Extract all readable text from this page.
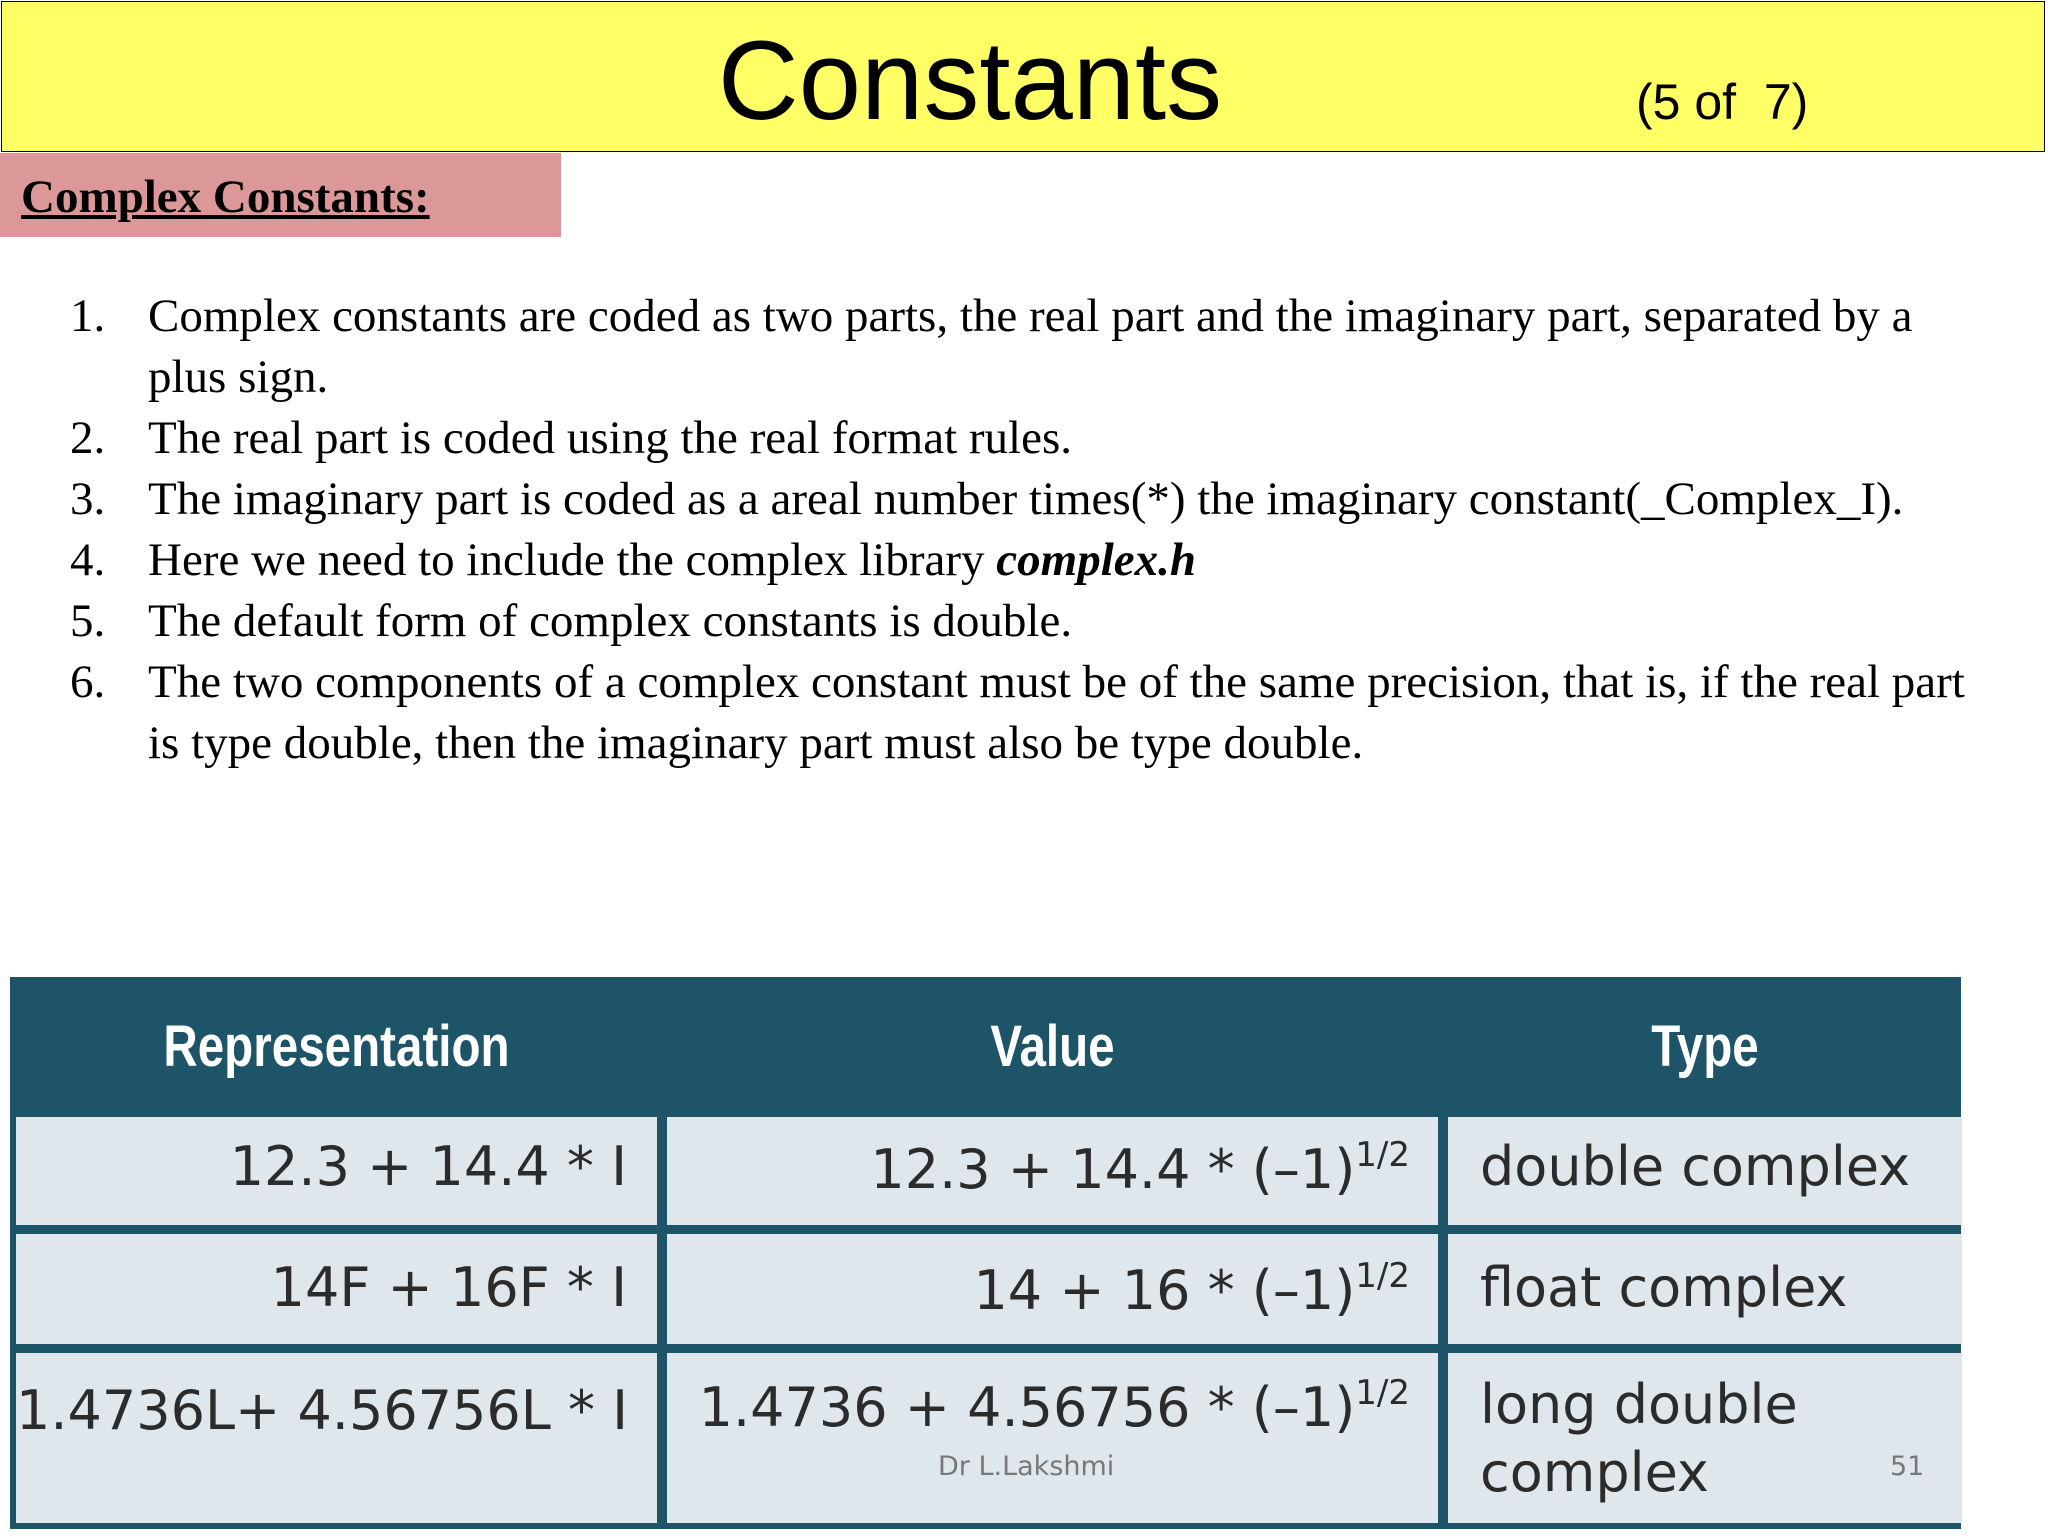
Constants	(5 of  7)
Complex Constants:
1. Complex constants are coded as two parts, the real part and the imaginary part, separated by a plus sign.
2. The real part is coded using the real format rules.
3. The imaginary part is coded as a areal number times(*) the imaginary constant(_Complex_I).
4. Here we need to include the complex library complex.h
5. The default form of complex constants is double.
6. The two components of a complex constant must be of the same precision, that is, if the real part is type double, then the imaginary part must also be type double.
Representation	Value	Type
12.3 + 14.4 * I	$12.3 + 14.4 * (-1)^{1/2}$	double complex
14F + 16F * I	$14 + 16 * (-1)^{1/2}$	float complex
1.4736L+ 4.56756L * I	$1.4736 + 4.56756 * (-1)^{1/2}$	long double complex
Dr L.Lakshmi	51
